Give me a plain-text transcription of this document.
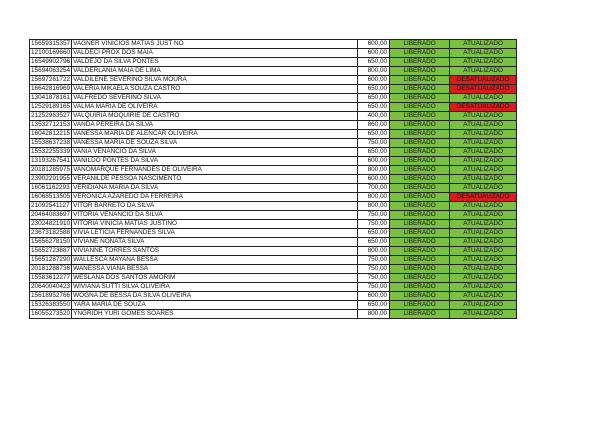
15659315357	VAGNER VINICIOS MATIAS JUST NO	600,00	LIBERADO	ATUALIZADO
12100169660	VALDECI PROX DOS MAIA	600,00	LIBERADO	ATUALIZADO
16549902796	VALDEJO DA SILVA PONTES	650,00	LIBERADO	ATUALIZADO
15694063254	VALDERLANIA MAIA DE LIMA	800,00	LIBERADO	ATUALIZADO
15697261722	VALDILENE SEVERINO SILVA MOURA	600,00	LIBERADO	DESATUALIZADO
16642816969	VALERIA MIKAELA SOUZA CASTRO	650,00	LIBERADO	DESATUALIZADO
13041878161	VALFREDO SEVERINO SILVA	650,00	LIBERADO	ATUALIZADO
12529189165	VALMA MARIA DE OLIVEIRA	650,00	LIBERADO	DESATUALIZADO
21252963527	VALQUIRIA MOQUIRIE DE CASTRO	400,00	LIBERADO	ATUALIZADO
13532712153	VANDA PEREIRA DA SILVA	860,00	LIBERADO	ATUALIZADO
16042812215	VANESSA MARIA DE ALENCAR OLIVEIRA	650,00	LIBERADO	ATUALIZADO
15538637238	VANESSA MARIA DE SOUZA SILVA	750,00	LIBERADO	ATUALIZADO
15532255339	VANIA VENANCIO DA SILVA	650,00	LIBERADO	ATUALIZADO
13193267541	VANILDO PONTES DA SILVA	600,00	LIBERADO	ATUALIZADO
20181285975	VANOMARQUE FERNANDES DE OLIVEIRA	800,00	LIBERADO	ATUALIZADO
23902291955	VERANILDE PESSOA NASCIMENTO	600,00	LIBERADO	ATUALIZADO
16061162293	VERIDIANA MARIA DA SILVA	700,00	LIBERADO	ATUALIZADO
16068513505	VERONICA AZAREDO DA FERREIRA	800,00	LIBERADO	DESATUALIZADO
21092541127	VITOR BARRETO DA SILVA	800,00	LIBERADO	ATUALIZADO
20464083697	VITORIA VENANCIO DA SILVA	750,00	LIBERADO	ATUALIZADO
23024821910	VITORIA VINICIA MATIAS JUSTINO	750,00	LIBERADO	ATUALIZADO
23673182588	VIVIA LETICIA FERNANDES SILVA	650,00	LIBERADO	ATUALIZADO
15656278150	VIVIANE NONATA SILVA	650,00	LIBERADO	ATUALIZADO
15652723887	VIVIANNE TORRES SANTOS	800,00	LIBERADO	ATUALIZADO
15651287290	WALLESCA MAYANA BESSA	750,00	LIBERADO	ATUALIZADO
20181288736	WANESSA VIANA BESSA	750,00	LIBERADO	ATUALIZADO
15583612277	WESLANA DOS SANTOS AMORIM	750,00	LIBERADO	ATUALIZADO
20640040423	WIVIANA SUTTI SILVA OLIVEIRA	750,00	LIBERADO	ATUALIZADO
15618952766	WOGNA DE BESSA DA SILVA OLIVEIRA	600,00	LIBERADO	ATUALIZADO
15326383550	YARA MARIA DE SOUZA	650,00	LIBERADO	ATUALIZADO
16055273520	YNGRIDH YURI GOMES SOARES	800,00	LIBERADO	ATUALIZADO
